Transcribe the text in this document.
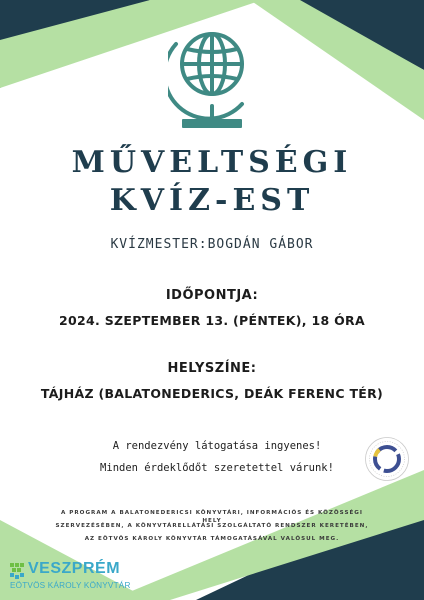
MŰVELTSÉGI
KVÍZ-EST
KVÍZMESTER:BOGDÁN GÁBOR
IDŐPONTJA:
2024. SZEPTEMBER 13. (PÉNTEK), 18 ÓRA
HELYSZÍNE:
TÁJHÁZ (BALATONEDERICS, DEÁK FERENC TÉR)
A rendezvény látogatása ingyenes!
Minden érdeklődőt szeretettel várunk!
A PROGRAM A BALATONEDERICSI KÖNYVTÁRI, INFORMÁCIÓS ÉS KÖZÖSSÉGI HELY
SZERVEZÉSÉBEN, A KÖNYVTÁRELLÁTÁSI SZOLGÁLTATÓ RENDSZER KERETÉBEN,
AZ EÖTVÖS KÁROLY KÖNYVTÁR TÁMOGATÁSÁVAL VALÓSUL MEG.
VESZPRÉM
EÖTVÖS KÁROLY KÖNYVTÁR
